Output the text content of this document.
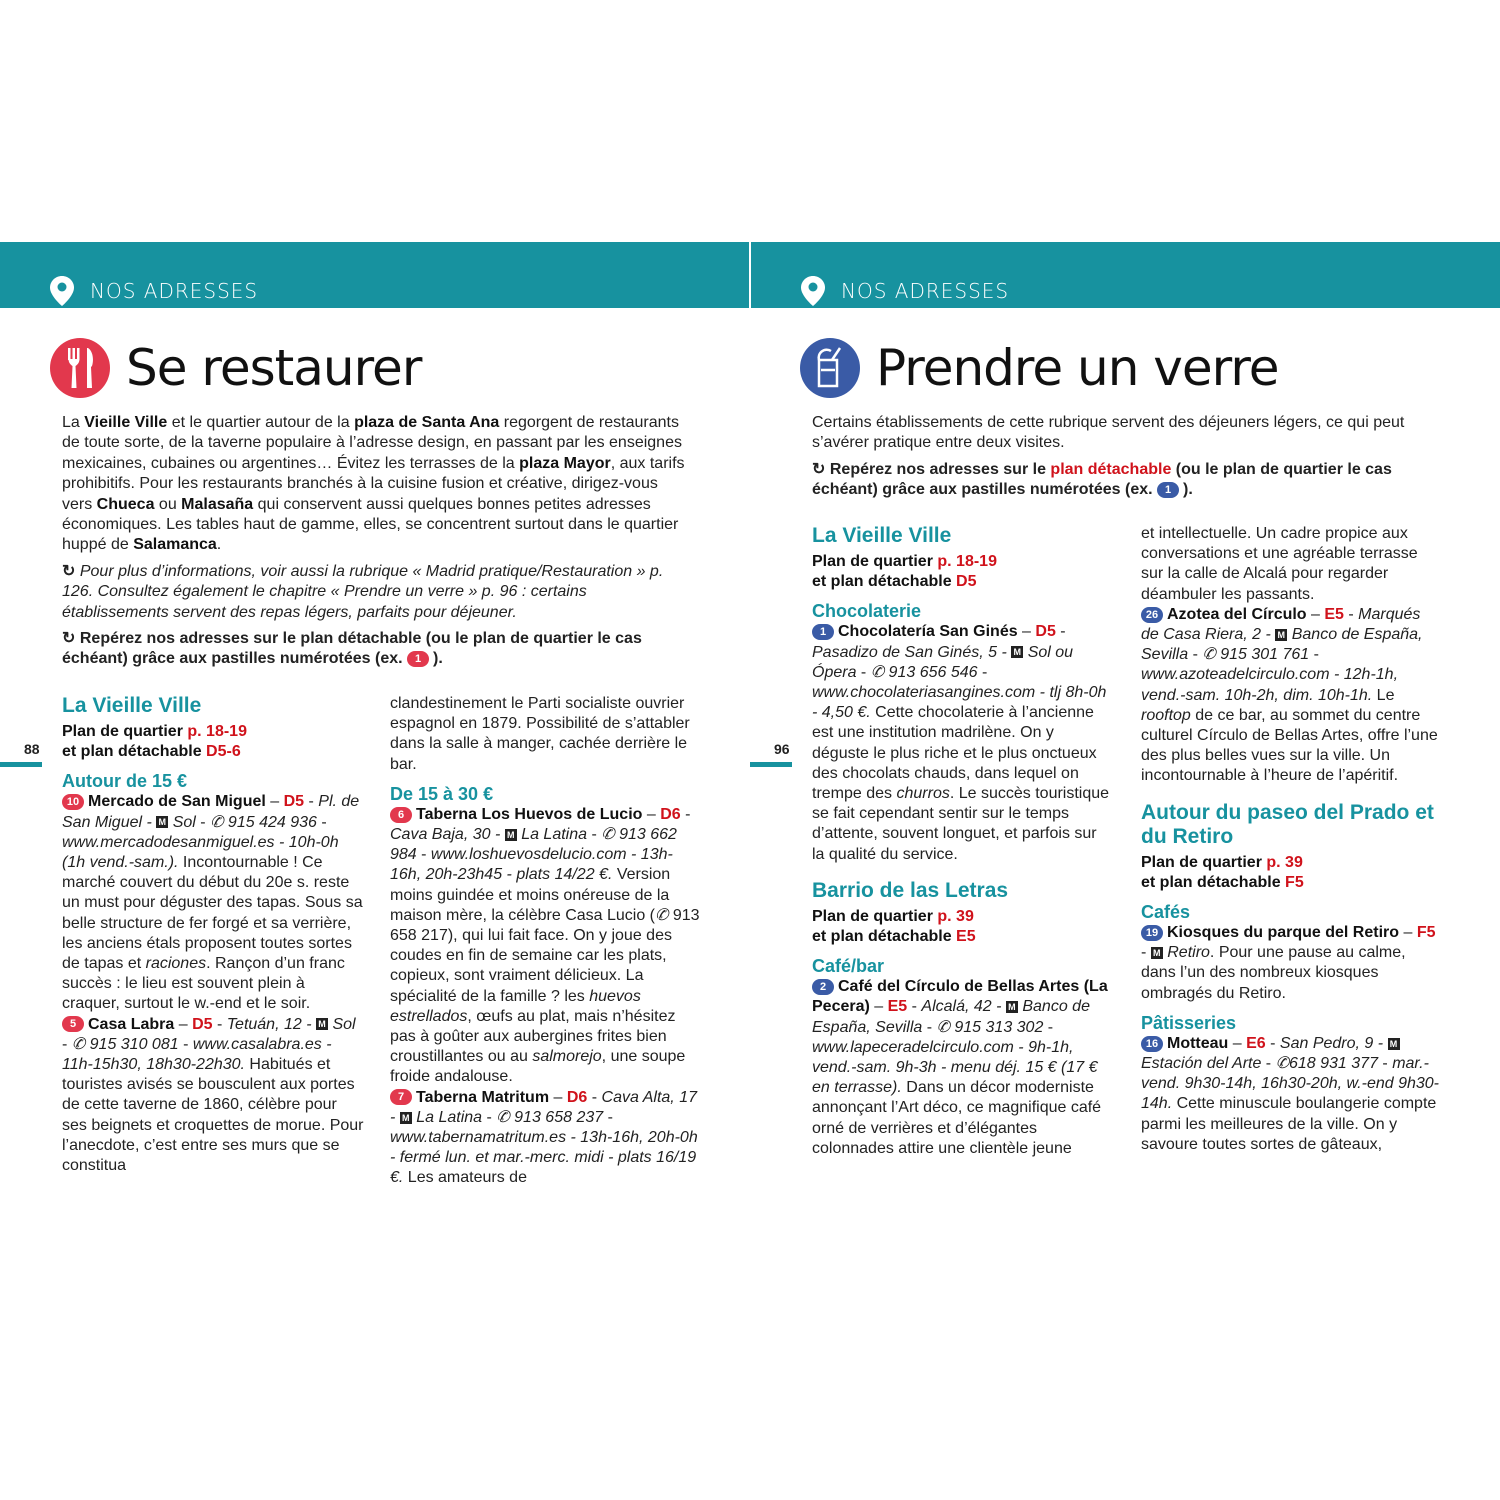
NOS ADRESSES
Se restaurer

La Vieille Ville et le quartier autour de la plaza de Santa Ana regorgent de restaurants de toute sorte, de la taverne populaire à l’adresse design, en passant par les enseignes mexicaines, cubaines ou argentines… Évitez les terrasses de la plaza Mayor, aux tarifs prohibitifs. Pour les restaurants branchés à la cuisine fusion et créative, dirigez-vous vers Chueca ou Malasaña qui conservent aussi quelques bonnes petites adresses économiques. Les tables haut de gamme, elles, se concentrent surtout dans le quartier huppé de Salamanca.

↻ Pour plus d’informations, voir aussi la rubrique « Madrid pratique/Restauration » p. 126. Consultez également le chapitre « Prendre un verre » p. 96 : certains établissements servent des repas légers, parfaits pour déjeuner.

↻ Repérez nos adresses sur le plan détachable (ou le plan de quartier le cas échéant) grâce aux pastilles numérotées (ex. 1 ).

88
La Vieille Ville
Plan de quartier p. 18-19
et plan détachable D5-6
Autour de 15 €
10 Mercado de San Miguel – D5 - Pl. de San Miguel - M Sol - ✆ 915 424 936 - www.mercadodesanmiguel.es - 10h-0h (1h vend.-sam.). Incontournable ! Ce marché couvert du début du 20e s. reste un must pour déguster des tapas. Sous sa belle structure de fer forgé et sa verrière, les anciens étals proposent toutes sortes de tapas et raciones. Rançon d’un franc succès : le lieu est souvent plein à craquer, surtout le w.-end et le soir.
5 Casa Labra – D5 - Tetuán, 12 - M Sol - ✆ 915 310 081 - www.casalabra.es - 11h-15h30, 18h30-22h30. Habitués et touristes avisés se bousculent aux portes de cette taverne de 1860, célèbre pour ses beignets et croquettes de morue. Pour l’anecdote, c’est entre ses murs que se constitua
clandestinement le Parti socialiste ouvrier espagnol en 1879. Possibilité de s’attabler dans la salle à manger, cachée derrière le bar.
De 15 à 30 €
6 Taberna Los Huevos de Lucio – D6 - Cava Baja, 30 - M La Latina - ✆ 913 662 984 - www.loshuevosdelucio.com - 13h-16h, 20h-23h45 - plats 14/22 €. Version moins guindée et moins onéreuse de la maison mère, la célèbre Casa Lucio (✆ 913 658 217), qui lui fait face. On y joue des coudes en fin de semaine car les plats, copieux, sont vraiment délicieux. La spécialité de la famille ? les huevos estrellados, œufs au plat, mais n’hésitez pas à goûter aux aubergines frites bien croustillantes ou au salmorejo, une soupe froide andalouse.
7 Taberna Matritum – D6 - Cava Alta, 17 - M La Latina - ✆ 913 658 237 - www.tabernamatritum.es - 13h-16h, 20h-0h - fermé lun. et mar.-merc. midi - plats 16/19 €. Les amateurs de
NOS ADRESSES
Prendre un verre

Certains établissements de cette rubrique servent des déjeuners légers, ce qui peut s’avérer pratique entre deux visites.

↻ Repérez nos adresses sur le plan détachable (ou le plan de quartier le cas échéant) grâce aux pastilles numérotées (ex. 1 ).

96
La Vieille Ville
Plan de quartier p. 18-19
et plan détachable D5
Chocolaterie
1 Chocolatería San Ginés – D5 - Pasadizo de San Ginés, 5 - M Sol ou Ópera - ✆ 913 656 546 - www.chocolateriasangines.com - tlj 8h-0h - 4,50 €. Cette chocolaterie à l’ancienne est une institution madrilène. On y déguste le plus riche et le plus onctueux des chocolats chauds, dans lequel on trempe des churros. Le succès touristique se fait cependant sentir sur le temps d’attente, souvent longuet, et parfois sur la qualité du service.
Barrio de las Letras
Plan de quartier p. 39
et plan détachable E5
Café/bar
2 Café del Círculo de Bellas Artes (La Pecera) – E5 - Alcalá, 42 - M Banco de España, Sevilla - ✆ 915 313 302 - www.lapeceradelcirculo.com - 9h-1h, vend.-sam. 9h-3h - menu déj. 15 € (17 € en terrasse). Dans un décor moderniste annonçant l’Art déco, ce magnifique café orné de verrières et d’élégantes colonnades attire une clientèle jeune
et intellectuelle. Un cadre propice aux conversations et une agréable terrasse sur la calle de Alcalá pour regarder déambuler les passants.
26 Azotea del Círculo – E5 - Marqués de Casa Riera, 2 - M Banco de España, Sevilla - ✆ 915 301 761 - www.azoteadelcirculo.com - 12h-1h, vend.-sam. 10h-2h, dim. 10h-1h. Le rooftop de ce bar, au sommet du centre culturel Círculo de Bellas Artes, offre l’une des plus belles vues sur la ville. Un incontournable à l’heure de l’apéritif.
Autour du paseo del Prado et du Retiro
Plan de quartier p. 39
et plan détachable F5
Cafés
19 Kiosques du parque del Retiro – F5 - M Retiro. Pour une pause au calme, dans l’un des nombreux kiosques ombragés du Retiro.
Pâtisseries
16 Motteau – E6 - San Pedro, 9 - M Estación del Arte - ✆618 931 377 - mar.-vend. 9h30-14h, 16h30-20h, w.-end 9h30-14h. Cette minuscule boulangerie compte parmi les meilleures de la ville. On y savoure toutes sortes de gâteaux,
